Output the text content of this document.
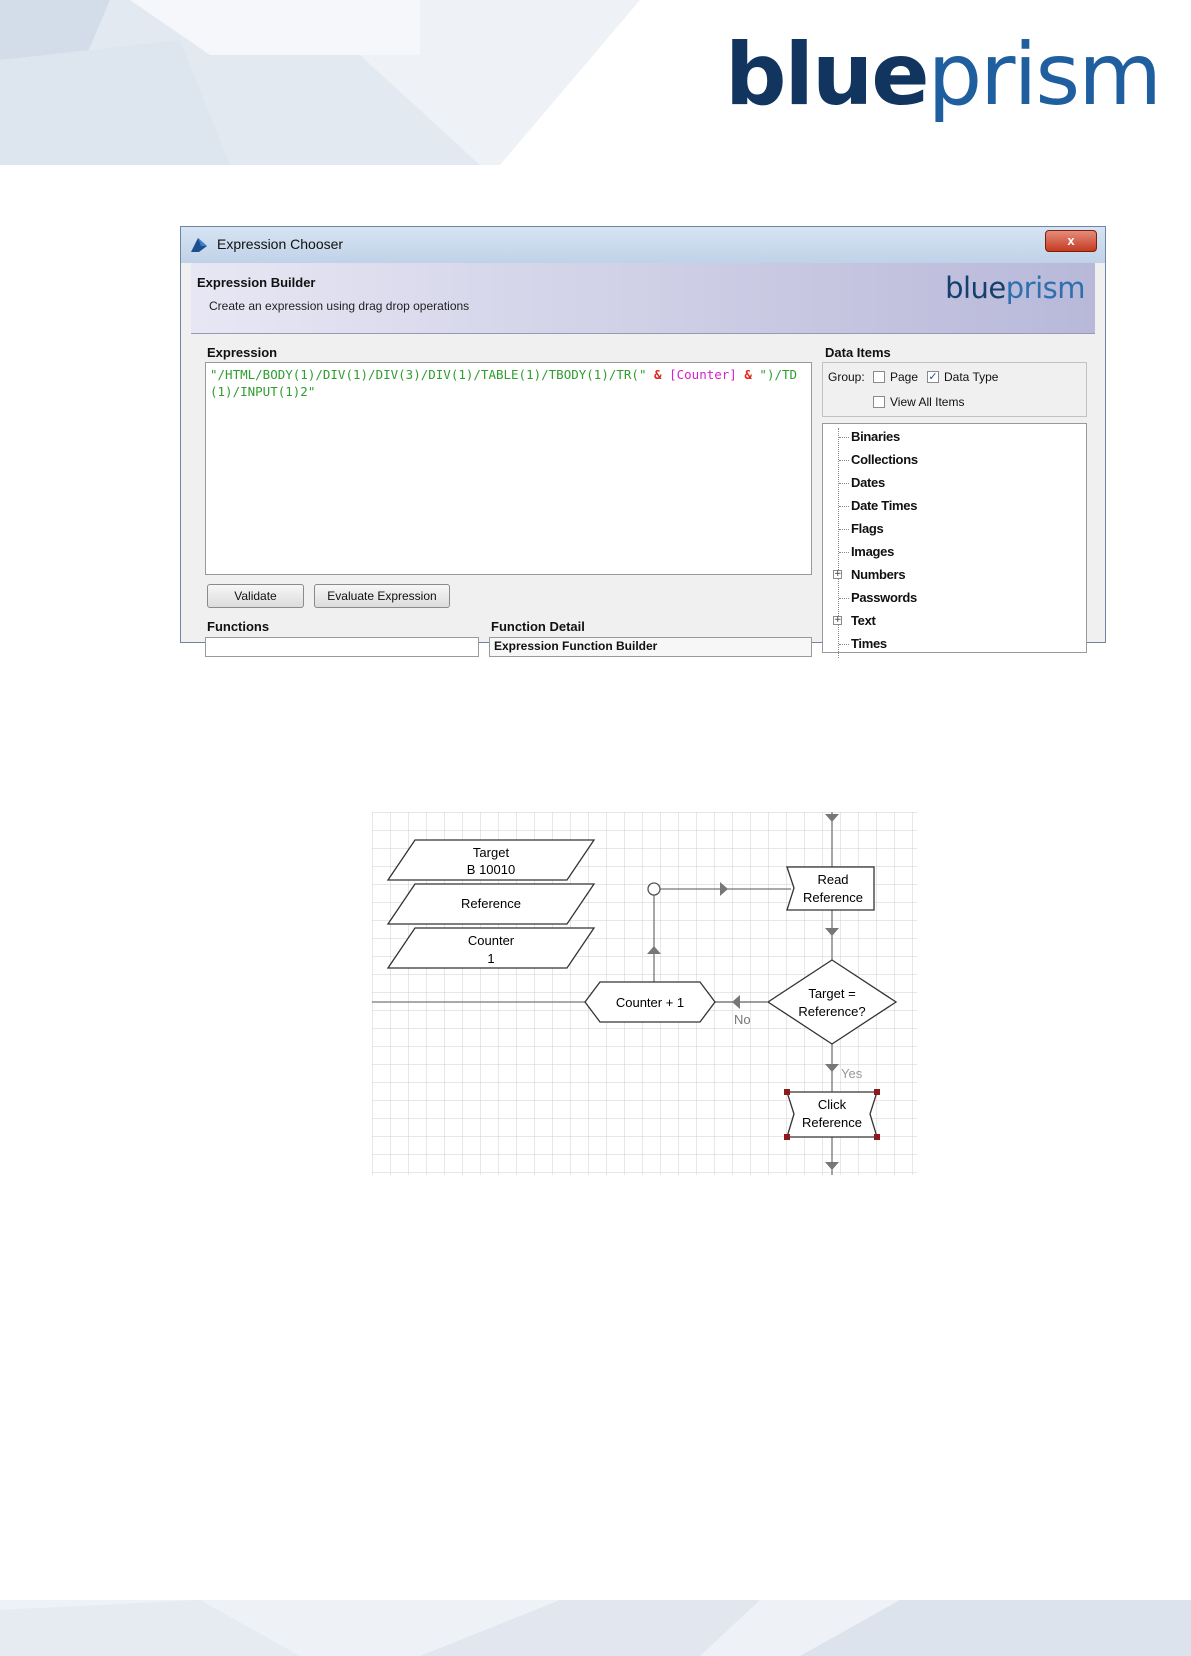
blueprism
Expression Chooser	x
Expression Builder
Create an expression using drag drop operations
blueprism
Expression
"/HTML/BODY(1)/DIV(1)/DIV(3)/DIV(1)/TABLE(1)/TBODY(1)/TR(" & [Counter] & ")/TD(1)/INPUT(1)2"
Validate	Evaluate Expression
Functions	Function Detail
Expression Function Builder
Data Items
Group: Page ✓ Data Type
View All Items
Binaries
Collections
Dates
Date Times
Flags
Images
+ Numbers
Passwords
+ Text
Times
Target
B 10010
Reference
Counter
1
Read
Reference
Target =
Reference?
No
Yes
Counter + 1
Click
Reference
